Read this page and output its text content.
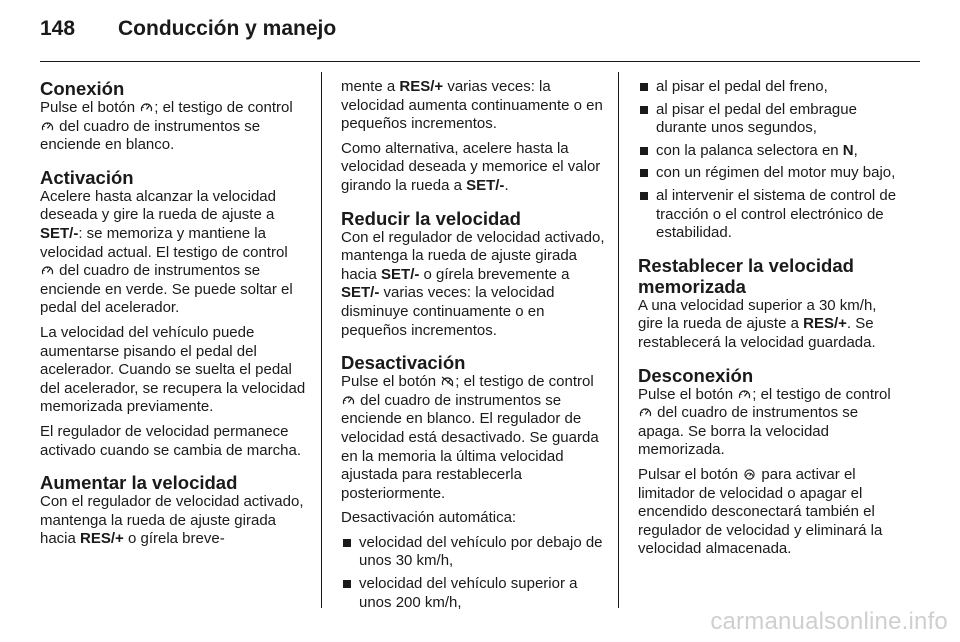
148	Conducción y manejo
Conexión

Pulse el botón ; el testigo de control  del cuadro de instrumentos se enciende en blanco.

Activación

Acelere hasta alcanzar la velocidad deseada y gire la rueda de ajuste a SET/-: se memoriza y mantiene la velocidad actual. El testigo de control  del cuadro de instrumentos se enciende en verde. Se puede soltar el pedal del acelerador.

La velocidad del vehículo puede aumentarse pisando el pedal del acelerador. Cuando se suelta el pedal del acelerador, se recupera la velocidad memorizada previamente.

El regulador de velocidad permanece activado cuando se cambia de marcha.

Aumentar la velocidad

Con el regulador de velocidad activado, mantenga la rueda de ajuste girada hacia RES/+ o gírela breve-

mente a RES/+ varias veces: la velocidad aumenta continuamente o en pequeños incrementos.

Como alternativa, acelere hasta la velocidad deseada y memorice el valor girando la rueda a SET/-.

Reducir la velocidad

Con el regulador de velocidad activado, mantenga la rueda de ajuste girada hacia SET/- o gírela brevemente a SET/- varias veces: la velocidad disminuye continuamente o en pequeños incrementos.

Desactivación

Pulse el botón ; el testigo de control  del cuadro de instrumentos se enciende en blanco. El regulador de velocidad está desactivado. Se guarda en la memoria la última velocidad ajustada para restablecerla posteriormente.

Desactivación automática:

velocidad del vehículo por debajo de unos 30 km/h,
velocidad del vehículo superior a unos 200 km/h,
al pisar el pedal del freno,
al pisar el pedal del embrague durante unos segundos,
con la palanca selectora en N,
con un régimen del motor muy bajo,
al intervenir el sistema de control de tracción o el control electrónico de estabilidad.
Restablecer la velocidad memorizada

A una velocidad superior a 30 km/h, gire la rueda de ajuste a RES/+. Se restablecerá la velocidad guardada.

Desconexión

Pulse el botón ; el testigo de control  del cuadro de instrumentos se apaga. Se borra la velocidad memorizada.

Pulsar el botón  para activar el limitador de velocidad o apagar el encendido desconectará también el regulador de velocidad y eliminará la velocidad almacenada.

carmanualsonline.info
